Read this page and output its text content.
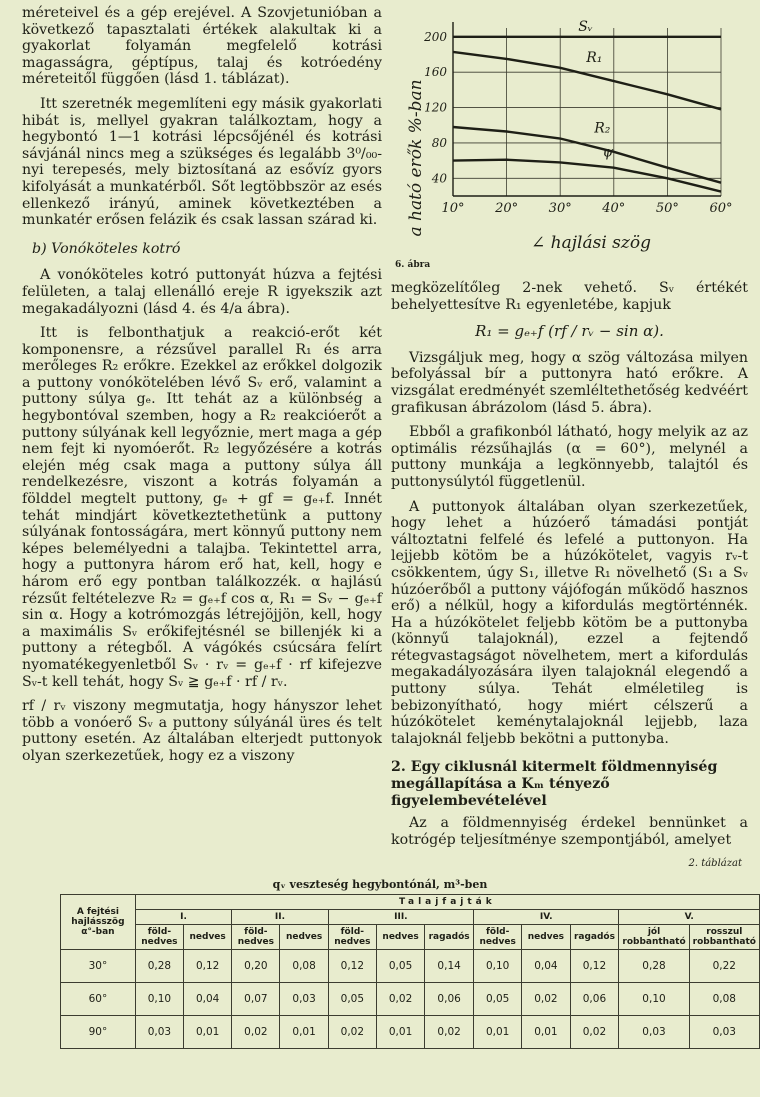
méreteivel és a gép erejével. A Szovjetunióban a következő tapasztalati értékek alakultak ki a gyakorlat folyamán megfelelő kotrási magasságra, géptípus, talaj és kotróedény méreteitől függően (lásd 1. táblázat).

Itt szeretnék megemlíteni egy másik gyakorlati hibát is, mellyel gyakran találkoztam, hogy a hegybontó 1—1 kotrási lépcsőjénél és kotrási sávjánál nincs meg a szükséges és legalább 3⁰/₀₀-nyi terepesés, mely biztosítaná az esővíz gyors kifolyását a munkatérből. Sőt legtöbbször az esés ellenkező irányú, aminek következtében a munkatér erősen felázik és csak lassan szárad ki.

b) Vonóköteles kotró

A vonóköteles kotró puttonyát húzva a fejtési felületen, a talaj ellenálló ereje R igyekszik azt megakadályozni (lásd 4. és 4/a ábra).

Itt is felbonthatjuk a reakció-erőt két komponensre, a rézsűvel parallel R₁ és arra merőleges R₂ erőkre. Ezekkel az erőkkel dolgozik a puttony vonókötelében lévő Sᵥ erő, valamint a puttony súlya gₑ. Itt tehát az a különbség a hegybontóval szemben, hogy a R₂ reakcióerőt a puttony súlyának kell legyőznie, mert maga a gép nem fejt ki nyomóerőt. R₂ legyőzésére a kotrás elején még csak maga a puttony súlya áll rendelkezésre, viszont a kotrás folyamán a földdel megtelt puttony, gₑ + gf = gₑ₊f. Innét tehát mindjárt következtethetünk a puttony súlyának fontosságára, mert könnyű puttony nem képes belemélyedni a talajba. Tekintettel arra, hogy a puttonyra három erő hat, kell, hogy e három erő egy pontban találkozzék. α hajlású rézsűt feltételezve R₂ = gₑ₊f cos α, R₁ = Sᵥ − gₑ₊f sin α. Hogy a kotrómozgás létrejöjjön, kell, hogy a maximális Sᵥ erőkifejtésnél se billenjék ki a puttony a rétegből. A vágókés csúcsára felírt nyomatékegyenletből Sᵥ · rᵥ = gₑ₊f · rf kifejezve Sᵥ-t kell tehát, hogy Sᵥ ≧ gₑ₊f · rf / rᵥ.

rf / rᵥ viszony megmutatja, hogy hányszor lehet több a vonóerő Sᵥ a puttony súlyánál üres és telt puttony esetén. Az általában elterjedt puttonyok olyan szerkezetűek, hogy ez a viszony

Sᵥ
R₁
R₂
ψ
40
80
120
160
200
10° 20° 30° 40° 50° 60°
a ható erők %-ban
∠ hajlási szög
6. ábra

megközelítőleg 2-nek vehető. Sᵥ értékét behelyettesítve R₁ egyenletébe, kapjuk

R₁ = gₑ₊f (rf / rᵥ − sin α).

Vizsgáljuk meg, hogy α szög változása milyen befolyással bír a puttonyra ható erőkre. A vizsgálat eredményét szemléltethetőség kedvéért grafikusan ábrázolom (lásd 5. ábra).

Ebből a grafikonból látható, hogy melyik az az optimális rézsűhajlás (α = 60°), melynél a puttony munkája a legkönnyebb, talajtól és puttonysúlytól függetlenül.

A puttonyok általában olyan szerkezetűek, hogy lehet a húzóerő támadási pontját változtatni felfelé és lefelé a puttonyon. Ha lejjebb kötöm be a húzókötelet, vagyis rᵥ-t csökkentem, úgy S₁, illetve R₁ növelhető (S₁ a Sᵥ húzóerőből a puttony vájófogán működő hasznos erő) a nélkül, hogy a kifordulás megtörténnék. Ha a húzókötelet feljebb kötöm be a puttonyba (könnyű talajoknál), ezzel a fejtendő rétegvastagságot növelhetem, mert a kifordulás megakadályozására ilyen talajoknál elegendő a puttony súlya. Tehát elméletileg is bebizonyítható, hogy miért célszerű a húzókötelet keménytalajoknál lejjebb, laza talajoknál feljebb bekötni a puttonyba.

2. Egy ciklusnál kitermelt földmennyiség megállapítása a Kₘ tényező figyelembevételével

Az a földmennyiség érdekel bennünket a kotrógép teljesítménye szempontjából, amelyet

2. táblázat
qᵥ veszteség hegybontónál, m³-ben
A fejtési hajlásszög α°-ban	Talajfajták											
	I.		II.		III.			IV.			V.	
	föld-nedves	nedves	föld-nedves	nedves	föld-nedves	nedves	ragadós	föld-nedves	nedves	ragadós	jól robbantható	rosszul robbantható
30°	0,28	0,12	0,20	0,08	0,12	0,05	0,14	0,10	0,04	0,12	0,28	0,22
60°	0,10	0,04	0,07	0,03	0,05	0,02	0,06	0,05	0,02	0,06	0,10	0,08
90°	0,03	0,01	0,02	0,01	0,02	0,01	0,02	0,01	0,01	0,02	0,03	0,03
